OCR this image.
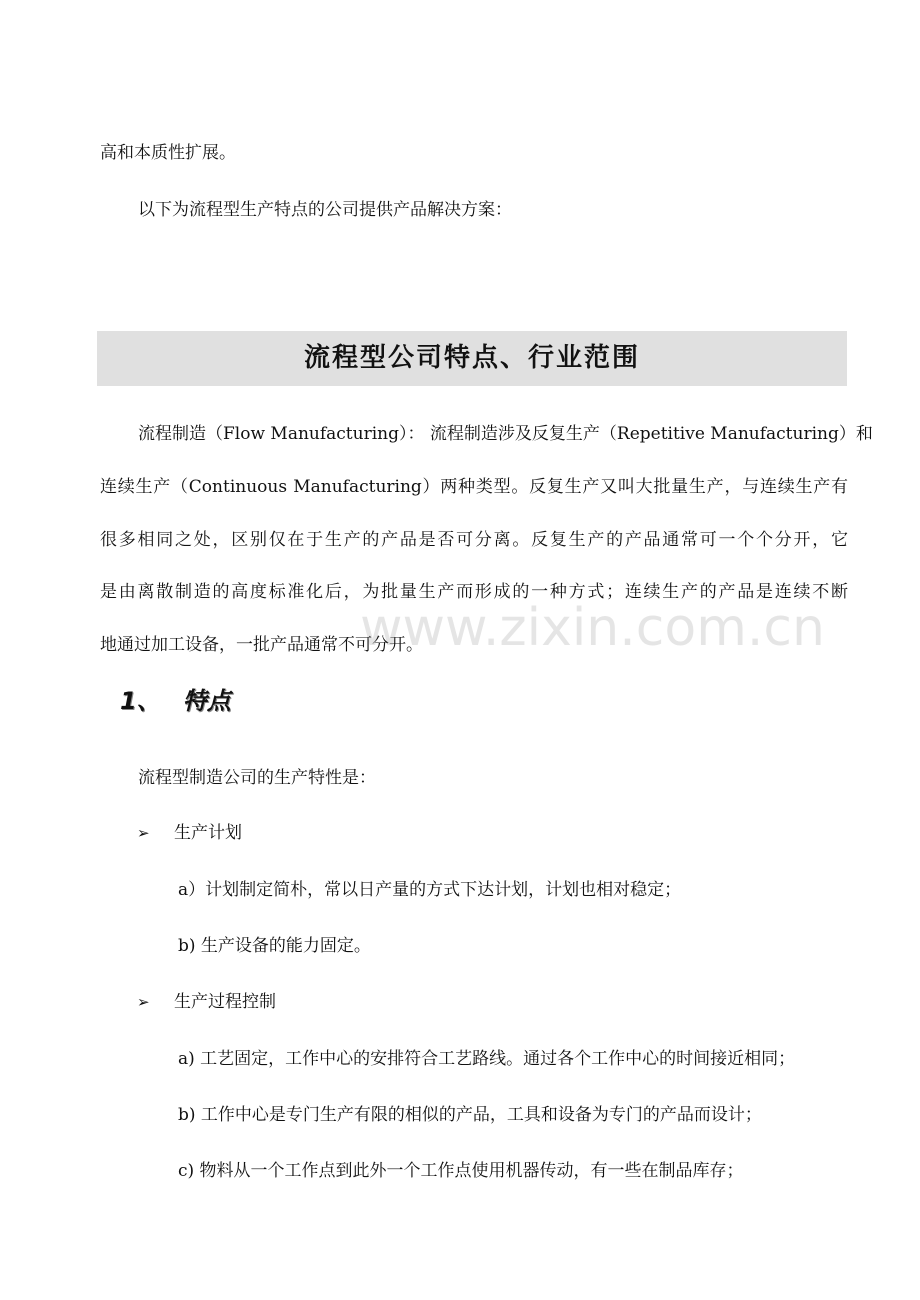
高和本质性扩展。
以下为流程型生产特点的公司提供产品解决方案：
流程型公司特点、行业范围
流程制造（Flow Manufacturing）： 流程制造涉及反复生产（Repetitive Manufacturing）和
连续生产（Continuous Manufacturing）两种类型。反复生产又叫大批量生产，与连续生产有
很多相同之处，区别仅在于生产的产品是否可分离。反复生产的产品通常可一个个分开，它
是由离散制造的高度标准化后，为批量生产而形成的一种方式；连续生产的产品是连续不断
地通过加工设备，一批产品通常不可分开。
www.zixin.com.cn
1、 特点
流程型制造公司的生产特性是：
➢ 生产计划
a）计划制定简朴，常以日产量的方式下达计划，计划也相对稳定；
b) 生产设备的能力固定。
➢ 生产过程控制
a) 工艺固定，工作中心的安排符合工艺路线。通过各个工作中心的时间接近相同；
b) 工作中心是专门生产有限的相似的产品，工具和设备为专门的产品而设计；
c) 物料从一个工作点到此外一个工作点使用机器传动，有一些在制品库存；
